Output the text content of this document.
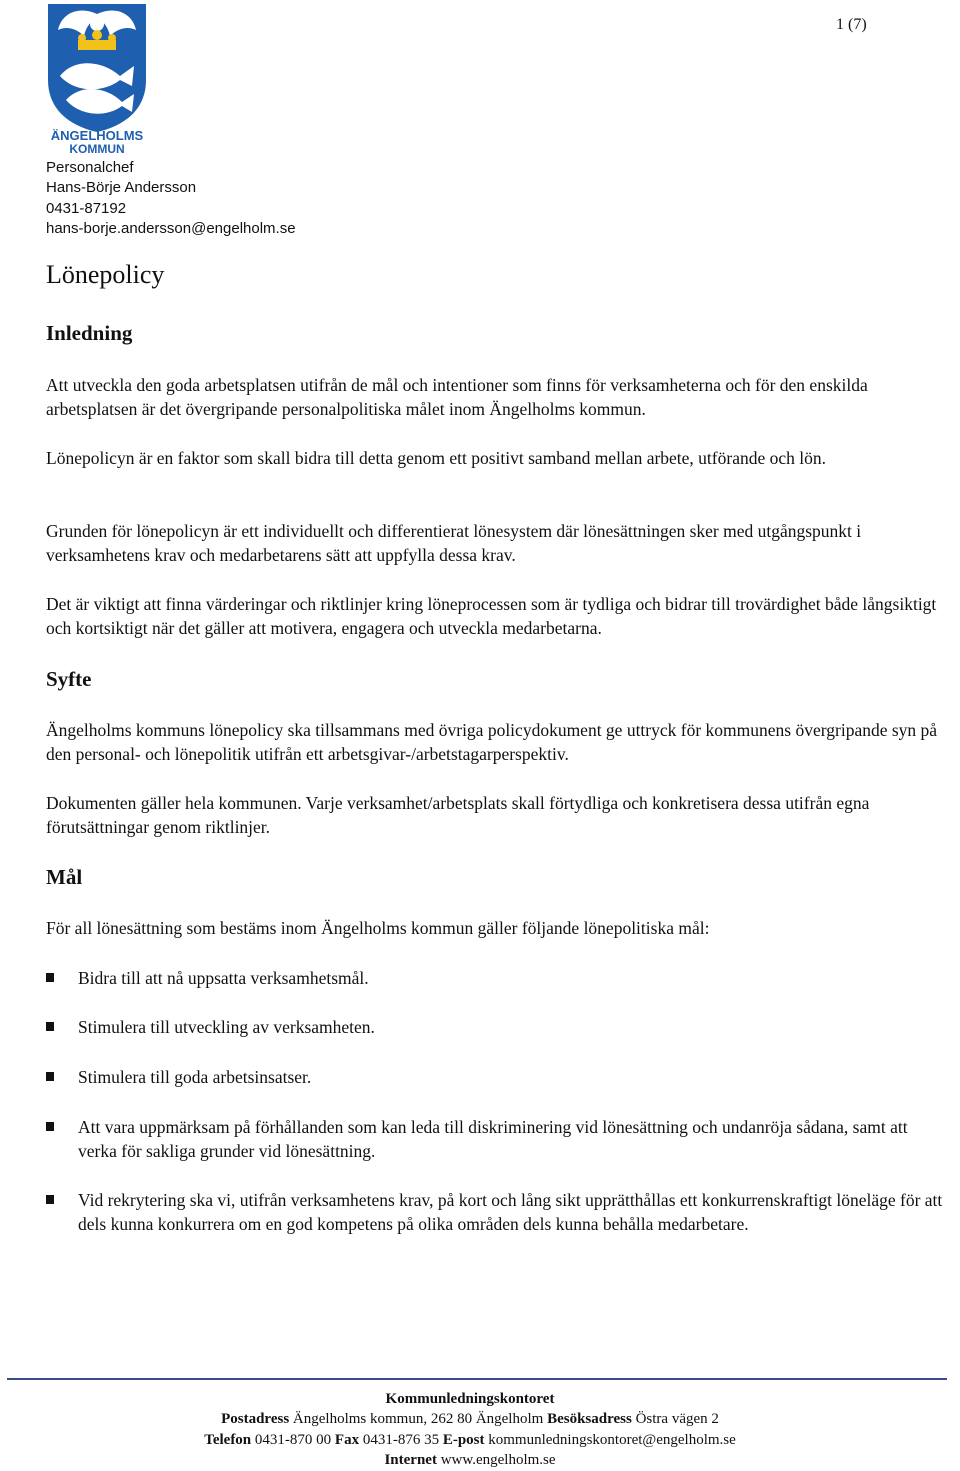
1 (7)
ÄNGELHOLMS
KOMMUN
Personalchef
Hans-Börje Andersson
0431-87192
hans-borje.andersson@engelholm.se
Lönepolicy
Inledning

Att utveckla den goda arbetsplatsen utifrån de mål och intentioner som finns för verksamheterna och för den enskilda arbetsplatsen är det övergripande personalpolitiska målet inom Ängelholms kommun.

Lönepolicyn är en faktor som skall bidra till detta genom ett positivt samband mellan arbete, utförande och lön.

Grunden för lönepolicyn är ett individuellt och differentierat lönesystem där lönesättningen sker med utgångspunkt i verksamhetens krav och medarbetarens sätt att uppfylla dessa krav.

Det är viktigt att finna värderingar och riktlinjer kring löneprocessen som är tydliga och bidrar till trovärdighet både långsiktigt och kortsiktigt när det gäller att motivera, engagera och utveckla medarbetarna.

Syfte

Ängelholms kommuns lönepolicy ska tillsammans med övriga policydokument ge uttryck för kommunens övergripande syn på den personal- och lönepolitik utifrån ett arbetsgivar-/arbetstagarperspektiv.

Dokumenten gäller hela kommunen. Varje verksamhet/arbetsplats skall förtydliga och konkretisera dessa utifrån egna förutsättningar genom riktlinjer.

Mål

För all lönesättning som bestäms inom Ängelholms kommun gäller följande lönepolitiska mål:

Bidra till att nå uppsatta verksamhetsmål.
Stimulera till utveckling av verksamheten.
Stimulera till goda arbetsinsatser.
Att vara uppmärksam på förhållanden som kan leda till diskriminering vid lönesättning och undanröja sådana, samt att verka för sakliga grunder vid lönesättning.
Vid rekrytering ska vi, utifrån verksamhetens krav, på kort och lång sikt upprätthållas ett konkurrenskraftigt löneläge för att dels kunna konkurrera om en god kompetens på olika områden dels kunna behålla medarbetare.
Kommunledningskontoret
Postadress Ängelholms kommun, 262 80 Ängelholm Besöksadress Östra vägen 2
Telefon 0431-870 00 Fax 0431-876 35 E-post kommunledningskontoret@engelholm.se
Internet www.engelholm.se
